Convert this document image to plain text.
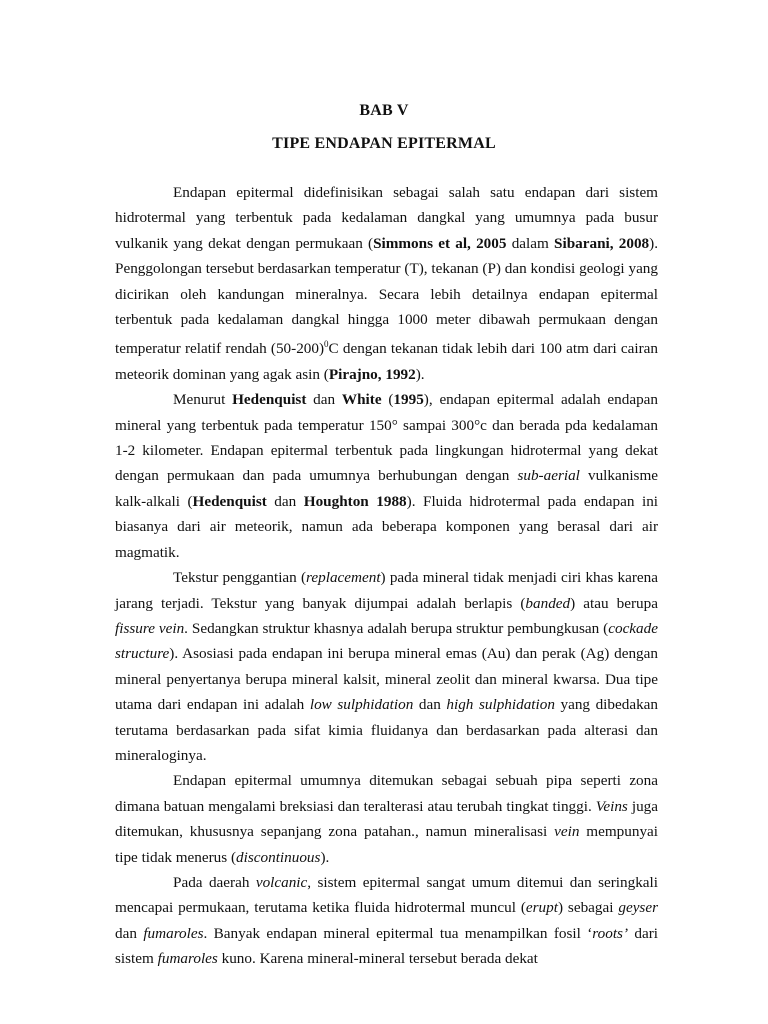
BAB V
TIPE ENDAPAN EPITERMAL

Endapan epitermal didefinisikan sebagai salah satu endapan dari sistem hidrotermal yang terbentuk pada kedalaman dangkal yang umumnya pada busur vulkanik yang dekat dengan permukaan (Simmons et al, 2005 dalam Sibarani, 2008). Penggolongan tersebut berdasarkan temperatur (T), tekanan (P) dan kondisi geologi yang dicirikan oleh kandungan mineralnya. Secara lebih detailnya endapan epitermal terbentuk pada kedalaman dangkal hingga 1000 meter dibawah permukaan dengan temperatur relatif rendah $(50-200)^0C$ dengan tekanan tidak lebih dari 100 atm dari cairan meteorik dominan yang agak asin (Pirajno, 1992).

Menurut Hedenquist dan White (1995), endapan epitermal adalah endapan mineral yang terbentuk pada temperatur 150° sampai 300°c dan berada pda kedalaman 1-2 kilometer. Endapan epitermal terbentuk pada lingkungan hidrotermal yang dekat dengan permukaan dan pada umumnya berhubungan dengan sub-aerial vulkanisme kalk-alkali (Hedenquist dan Houghton 1988). Fluida hidrotermal pada endapan ini biasanya dari air meteorik, namun ada beberapa komponen yang berasal dari air magmatik.

Tekstur penggantian (replacement) pada mineral tidak menjadi ciri khas karena jarang terjadi. Tekstur yang banyak dijumpai adalah berlapis (banded) atau berupa fissure vein. Sedangkan struktur khasnya adalah berupa struktur pembungkusan (cockade structure). Asosiasi pada endapan ini berupa mineral emas (Au) dan perak (Ag) dengan mineral penyertanya berupa mineral kalsit, mineral zeolit dan mineral kwarsa. Dua tipe utama dari endapan ini adalah low sulphidation dan high sulphidation yang dibedakan terutama berdasarkan pada sifat kimia fluidanya dan berdasarkan pada alterasi dan mineraloginya.

Endapan epitermal umumnya ditemukan sebagai sebuah pipa seperti zona dimana batuan mengalami breksiasi dan teralterasi atau terubah tingkat tinggi. Veins juga ditemukan, khususnya sepanjang zona patahan., namun mineralisasi vein mempunyai tipe tidak menerus (discontinuous).

Pada daerah volcanic, sistem epitermal sangat umum ditemui dan seringkali mencapai permukaan, terutama ketika fluida hidrotermal muncul (erupt) sebagai geyser dan fumaroles. Banyak endapan mineral epitermal tua menampilkan fosil ‘roots’ dari sistem fumaroles kuno. Karena mineral-mineral tersebut berada dekat
